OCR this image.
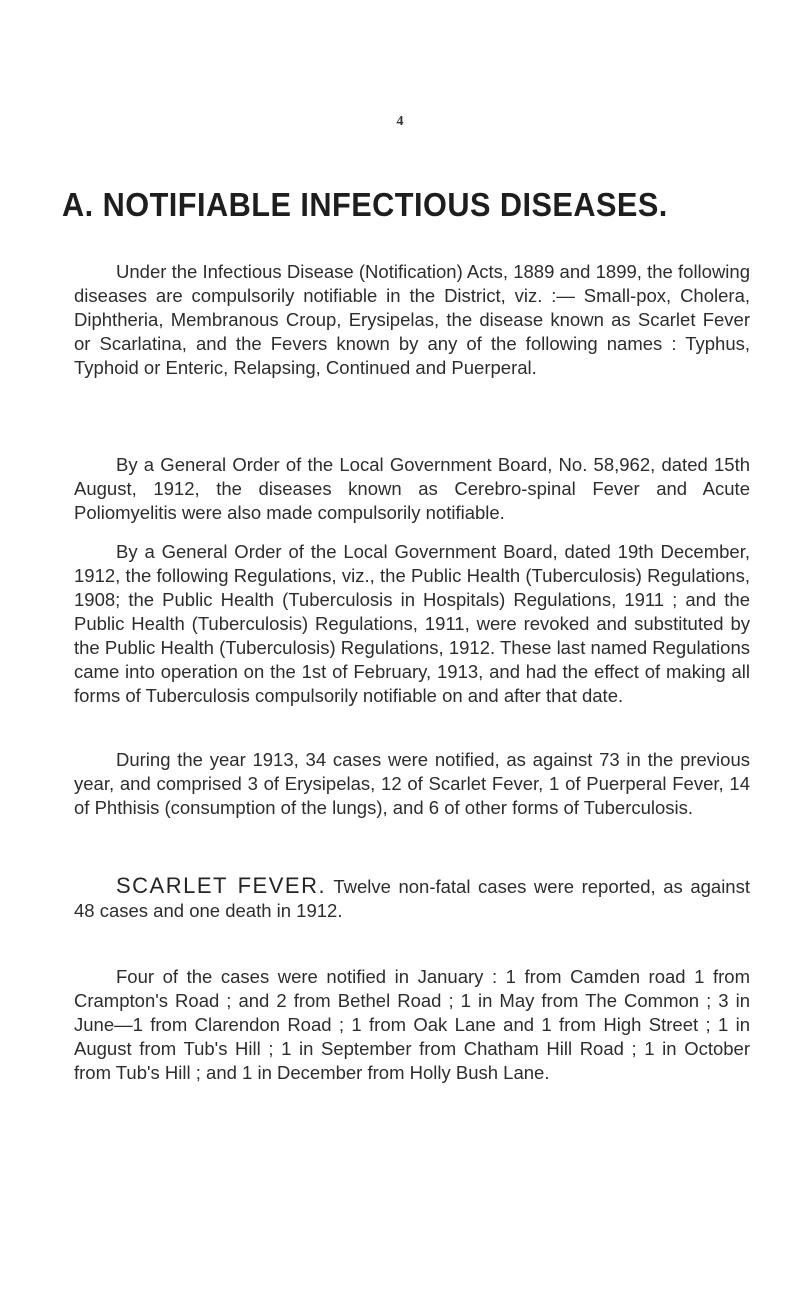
4
A. NOTIFIABLE INFECTIOUS DISEASES.
Under the Infectious Disease (Notification) Acts, 1889 and 1899, the following diseases are compulsorily notifiable in the District, viz. :— Small-pox, Cholera, Diphtheria, Membranous Croup, Erysipelas, the disease known as Scarlet Fever or Scarlatina, and the Fevers known by any of the following names : Typhus, Typhoid or Enteric, Relapsing, Continued and Puerperal.
By a General Order of the Local Government Board, No. 58,962, dated 15th August, 1912, the diseases known as Cerebro-spinal Fever and Acute Poliomyelitis were also made compulsorily notifiable.
By a General Order of the Local Government Board, dated 19th December, 1912, the following Regulations, viz., the Public Health (Tuberculosis) Regulations, 1908; the Public Health (Tuberculosis in Hospitals) Regulations, 1911 ; and the Public Health (Tuberculosis) Regulations, 1911, were revoked and substituted by the Public Health (Tuberculosis) Regulations, 1912. These last named Regulations came into operation on the 1st of February, 1913, and had the effect of making all forms of Tuberculosis compulsorily notifiable on and after that date.
During the year 1913, 34 cases were notified, as against 73 in the previous year, and comprised 3 of Erysipelas, 12 of Scarlet Fever, 1 of Puerperal Fever, 14 of Phthisis (consumption of the lungs), and 6 of other forms of Tuberculosis.
SCARLET FEVER. Twelve non-fatal cases were reported, as against 48 cases and one death in 1912.
Four of the cases were notified in January : 1 from Camden road 1 from Crampton's Road ; and 2 from Bethel Road ; 1 in May from The Common ; 3 in June—1 from Clarendon Road ; 1 from Oak Lane and 1 from High Street ; 1 in August from Tub's Hill ; 1 in September from Chatham Hill Road ; 1 in October from Tub's Hill ; and 1 in December from Holly Bush Lane.
